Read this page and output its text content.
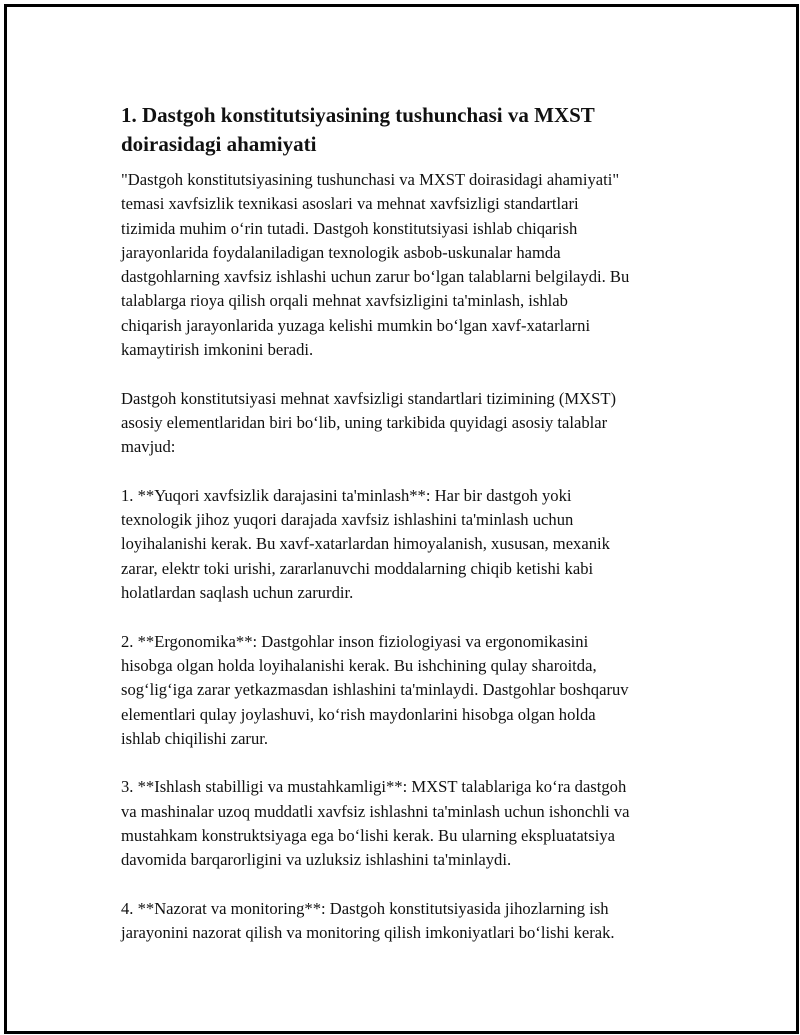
1. Dastgoh konstitutsiyasining tushunchasi va MXST
doirasidagi ahamiyati
"Dastgoh konstitutsiyasining tushunchasi va MXST doirasidagi ahamiyati"
temasi xavfsizlik texnikasi asoslari va mehnat xavfsizligi standartlari
tizimida muhim o‘rin tutadi. Dastgoh konstitutsiyasi ishlab chiqarish
jarayonlarida foydalaniladigan texnologik asbob-uskunalar hamda
dastgohlarning xavfsiz ishlashi uchun zarur bo‘lgan talablarni belgilaydi. Bu
talablarga rioya qilish orqali mehnat xavfsizligini ta'minlash, ishlab
chiqarish jarayonlarida yuzaga kelishi mumkin bo‘lgan xavf-xatarlarni
kamaytirish imkonini beradi.
Dastgoh konstitutsiyasi mehnat xavfsizligi standartlari tizimining (MXST)
asosiy elementlaridan biri bo‘lib, uning tarkibida quyidagi asosiy talablar
mavjud:
1. **Yuqori xavfsizlik darajasini ta'minlash**: Har bir dastgoh yoki
texnologik jihoz yuqori darajada xavfsiz ishlashini ta'minlash uchun
loyihalanishi kerak. Bu xavf-xatarlardan himoyalanish, xususan, mexanik
zarar, elektr toki urishi, zararlanuvchi moddalarning chiqib ketishi kabi
holatlardan saqlash uchun zarurdir.
2. **Ergonomika**: Dastgohlar inson fiziologiyasi va ergonomikasini
hisobga olgan holda loyihalanishi kerak. Bu ishchining qulay sharoitda,
sog‘lig‘iga zarar yetkazmasdan ishlashini ta'minlaydi. Dastgohlar boshqaruv
elementlari qulay joylashuvi, ko‘rish maydonlarini hisobga olgan holda
ishlab chiqilishi zarur.
3. **Ishlash stabilligi va mustahkamligi**: MXST talablariga ko‘ra dastgoh
va mashinalar uzoq muddatli xavfsiz ishlashni ta'minlash uchun ishonchli va
mustahkam konstruktsiyaga ega bo‘lishi kerak. Bu ularning ekspluatatsiya
davomida barqarorligini va uzluksiz ishlashini ta'minlaydi.
4. **Nazorat va monitoring**: Dastgoh konstitutsiyasida jihozlarning ish
jarayonini nazorat qilish va monitoring qilish imkoniyatlari bo‘lishi kerak.
